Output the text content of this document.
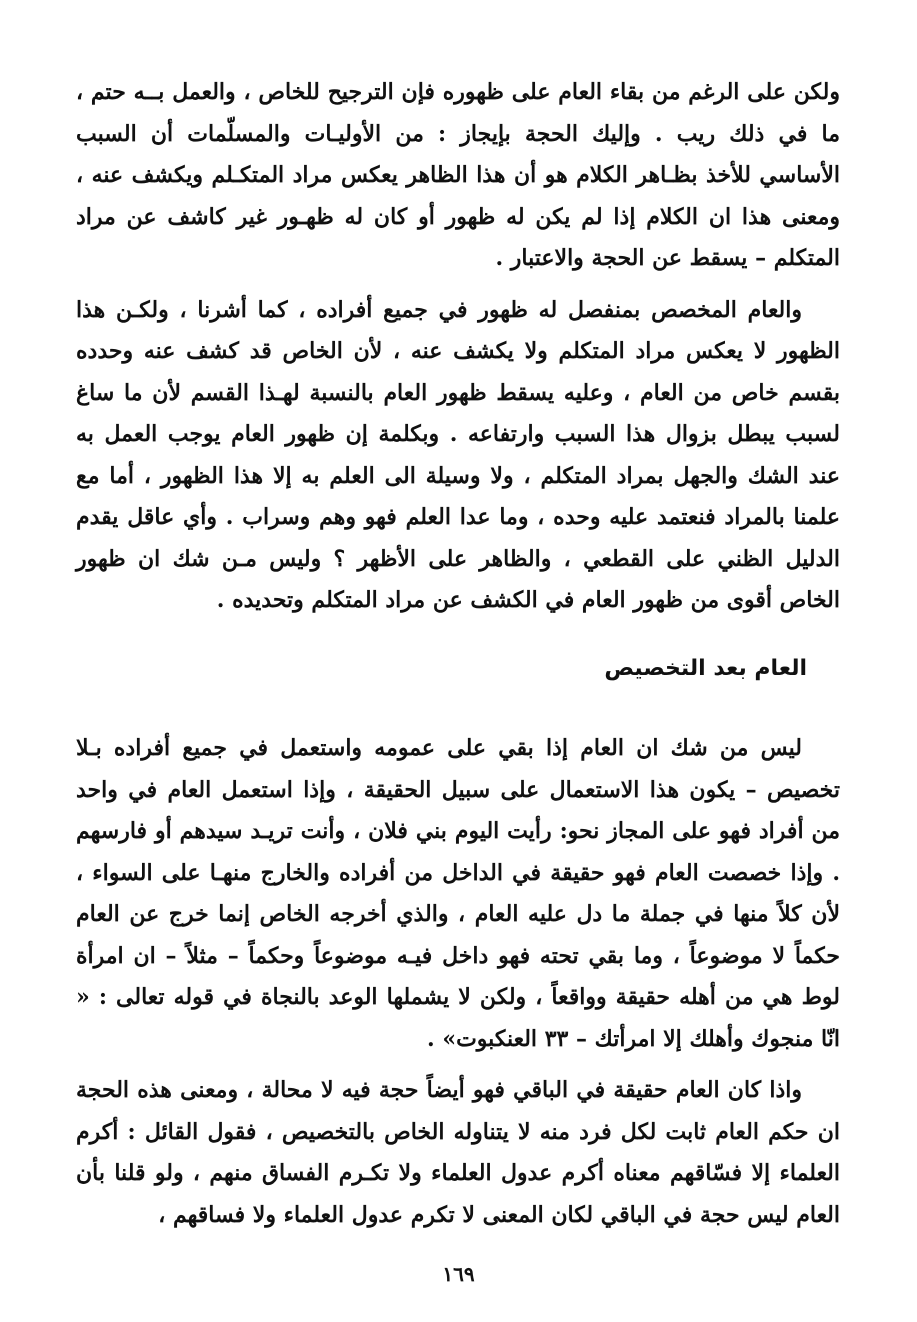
ولكن على الرغم من بقاء العام على ظهوره فإن الترجيح للخاص ، والعمل بــه حتم ، ما في ذلك ريب . وإليك الحجة بإيجاز : من الأوليـات والمسلّمات أن السبب الأساسي للأخذ بظـاهر الكلام هو أن هذا الظاهر يعكس مراد المتكـلم ويكشف عنه ، ومعنى هذا ان الكلام إذا لم يكن له ظهور أو كان له ظهـور غير كاشف عن مراد المتكلم – يسقط عن الحجة والاعتبار .

والعام المخصص بمنفصل له ظهور في جميع أفراده ، كما أشرنا ، ولكـن هذا الظهور لا يعكس مراد المتكلم ولا يكشف عنه ، لأن الخاص قد كشف عنه وحدده بقسم خاص من العام ، وعليه يسقط ظهور العام بالنسبة لهـذا القسم لأن ما ساغ لسبب يبطل بزوال هذا السبب وارتفاعه . وبكلمة إن ظهور العام يوجب العمل به عند الشك والجهل بمراد المتكلم ، ولا وسيلة الى العلم به إلا هذا الظهور ، أما مع علمنا بالمراد فنعتمد عليه وحده ، وما عدا العلم فهو وهم وسراب . وأي عاقل يقدم الدليل الظني على القطعي ، والظاهر على الأظهر ؟ وليس مـن شك ان ظهور الخاص أقوى من ظهور العام في الكشف عن مراد المتكلم وتحديده .

العام بعد التخصيص

ليس من شك ان العام إذا بقي على عمومه واستعمل في جميع أفراده بـلا تخصيص – يكون هذا الاستعمال على سبيل الحقيقة ، وإذا استعمل العام في واحد من أفراد فهو على المجاز نحو: رأيت اليوم بني فلان ، وأنت تريـد سيدهم أو فارسهم . وإذا خصصت العام فهو حقيقة في الداخل من أفراده والخارج منهـا على السواء ، لأن كلاً منها في جملة ما دل عليه العام ، والذي أخرجه الخاص إنما خرج عن العام حكماً لا موضوعاً ، وما بقي تحته فهو داخل فيـه موضوعاً وحكماً – مثلاً – ان امرأة لوط هي من أهله حقيقة وواقعاً ، ولكن لا يشملها الوعد بالنجاة في قوله تعالى : « انّا منجوك وأهلك إلا امرأتك – ٣٣ العنكبوت» .

واذا كان العام حقيقة في الباقي فهو أيضاً حجة فيه لا محالة ، ومعنى هذه الحجة ان حكم العام ثابت لكل فرد منه لا يتناوله الخاص بالتخصيص ، فقول القائل : أكرم العلماء إلا فسّاقهم معناه أكرم عدول العلماء ولا تكـرم الفساق منهم ، ولو قلنا بأن العام ليس حجة في الباقي لكان المعنى لا تكرم عدول العلماء ولا فساقهم ،

١٦٩
